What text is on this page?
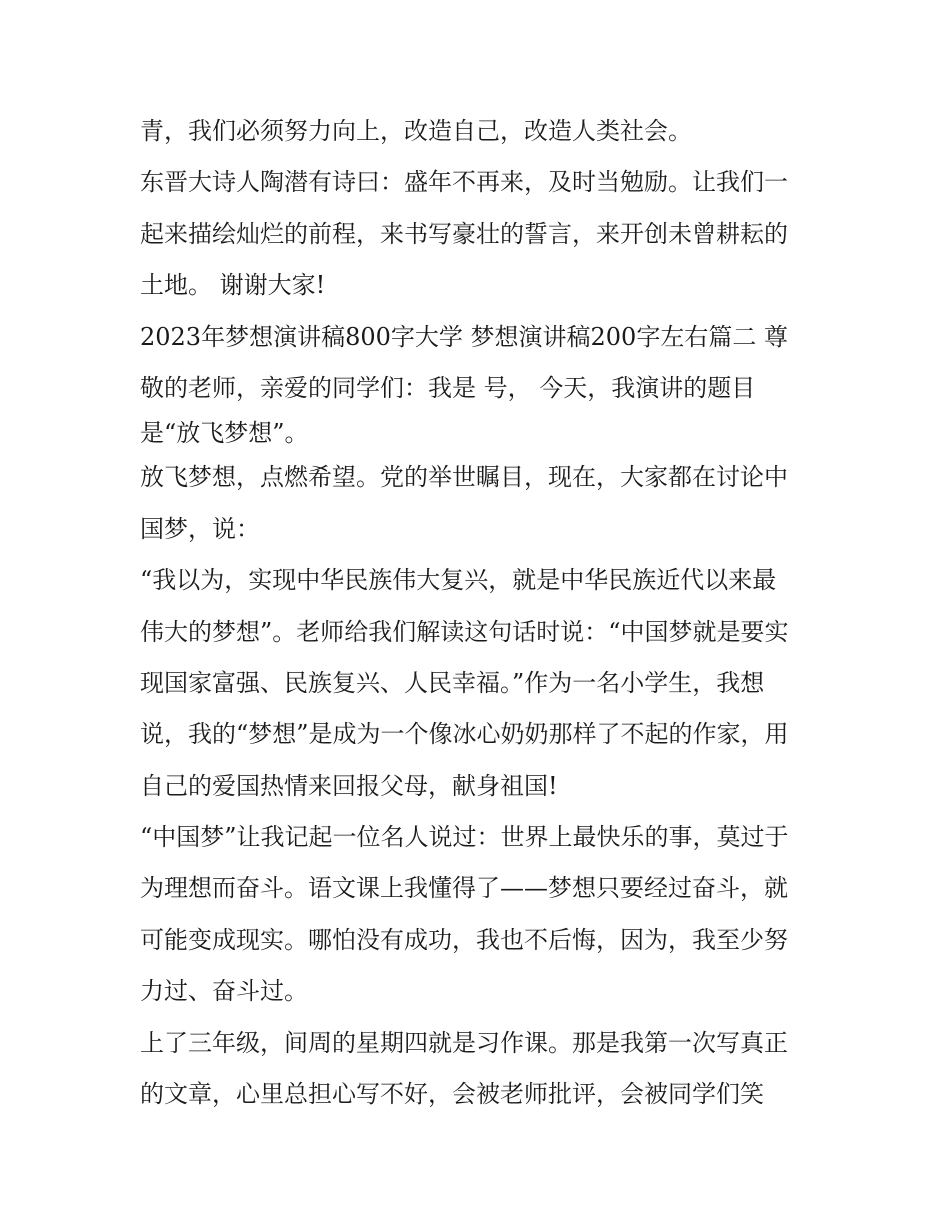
青，我们必须努力向上，改造自己，改造人类社会。
东晋大诗人陶潜有诗曰：盛年不再来，及时当勉励。让我们一
起来描绘灿烂的前程，来书写豪壮的誓言，来开创未曾耕耘的
土地。 谢谢大家!
2023年梦想演讲稿800字大学 梦想演讲稿200字左右篇二 尊
敬的老师，亲爱的同学们：我是 号， 今天，我演讲的题目
是“放飞梦想”。
放飞梦想，点燃希望。党的举世瞩目，现在，大家都在讨论中
国梦，说：
“我以为，实现中华民族伟大复兴，就是中华民族近代以来最
伟大的梦想”。老师给我们解读这句话时说：“中国梦就是要实
现国家富强、民族复兴、人民幸福。”作为一名小学生，我想
说，我的“梦想”是成为一个像冰心奶奶那样了不起的作家，用
自己的爱国热情来回报父母，献身祖国!
“中国梦”让我记起一位名人说过：世界上最快乐的事，莫过于
为理想而奋斗。语文课上我懂得了——梦想只要经过奋斗，就
可能变成现实。哪怕没有成功，我也不后悔，因为，我至少努
力过、奋斗过。
上了三年级，间周的星期四就是习作课。那是我第一次写真正
的文章，心里总担心写不好，会被老师批评，会被同学们笑
